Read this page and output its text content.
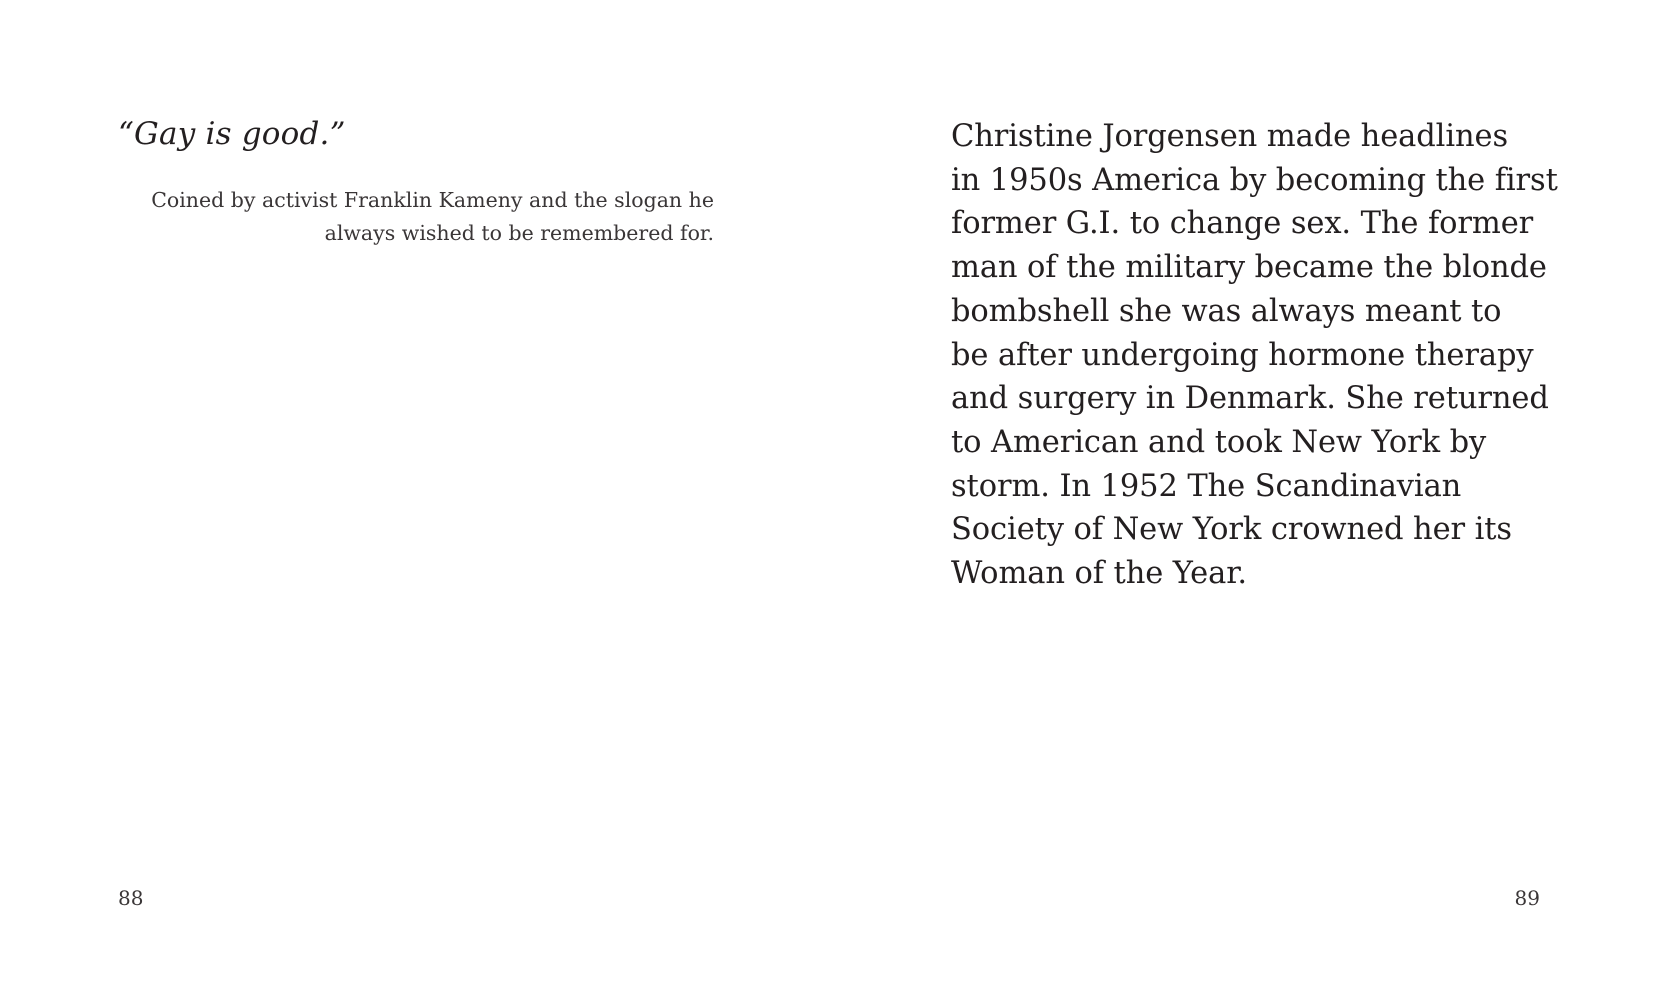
“Gay is good.”

Coined by activist Franklin Kameny and the slogan he
always wished to be remembered for.

88

Christine Jorgensen made headlines
in 1950s America by becoming the first
former G.I. to change sex. The former
man of the military became the blonde
bombshell she was always meant to
be after undergoing hormone therapy
and surgery in Denmark. She returned
to American and took New York by
storm. In 1952 The Scandinavian
Society of New York crowned her its
Woman of the Year.

89
